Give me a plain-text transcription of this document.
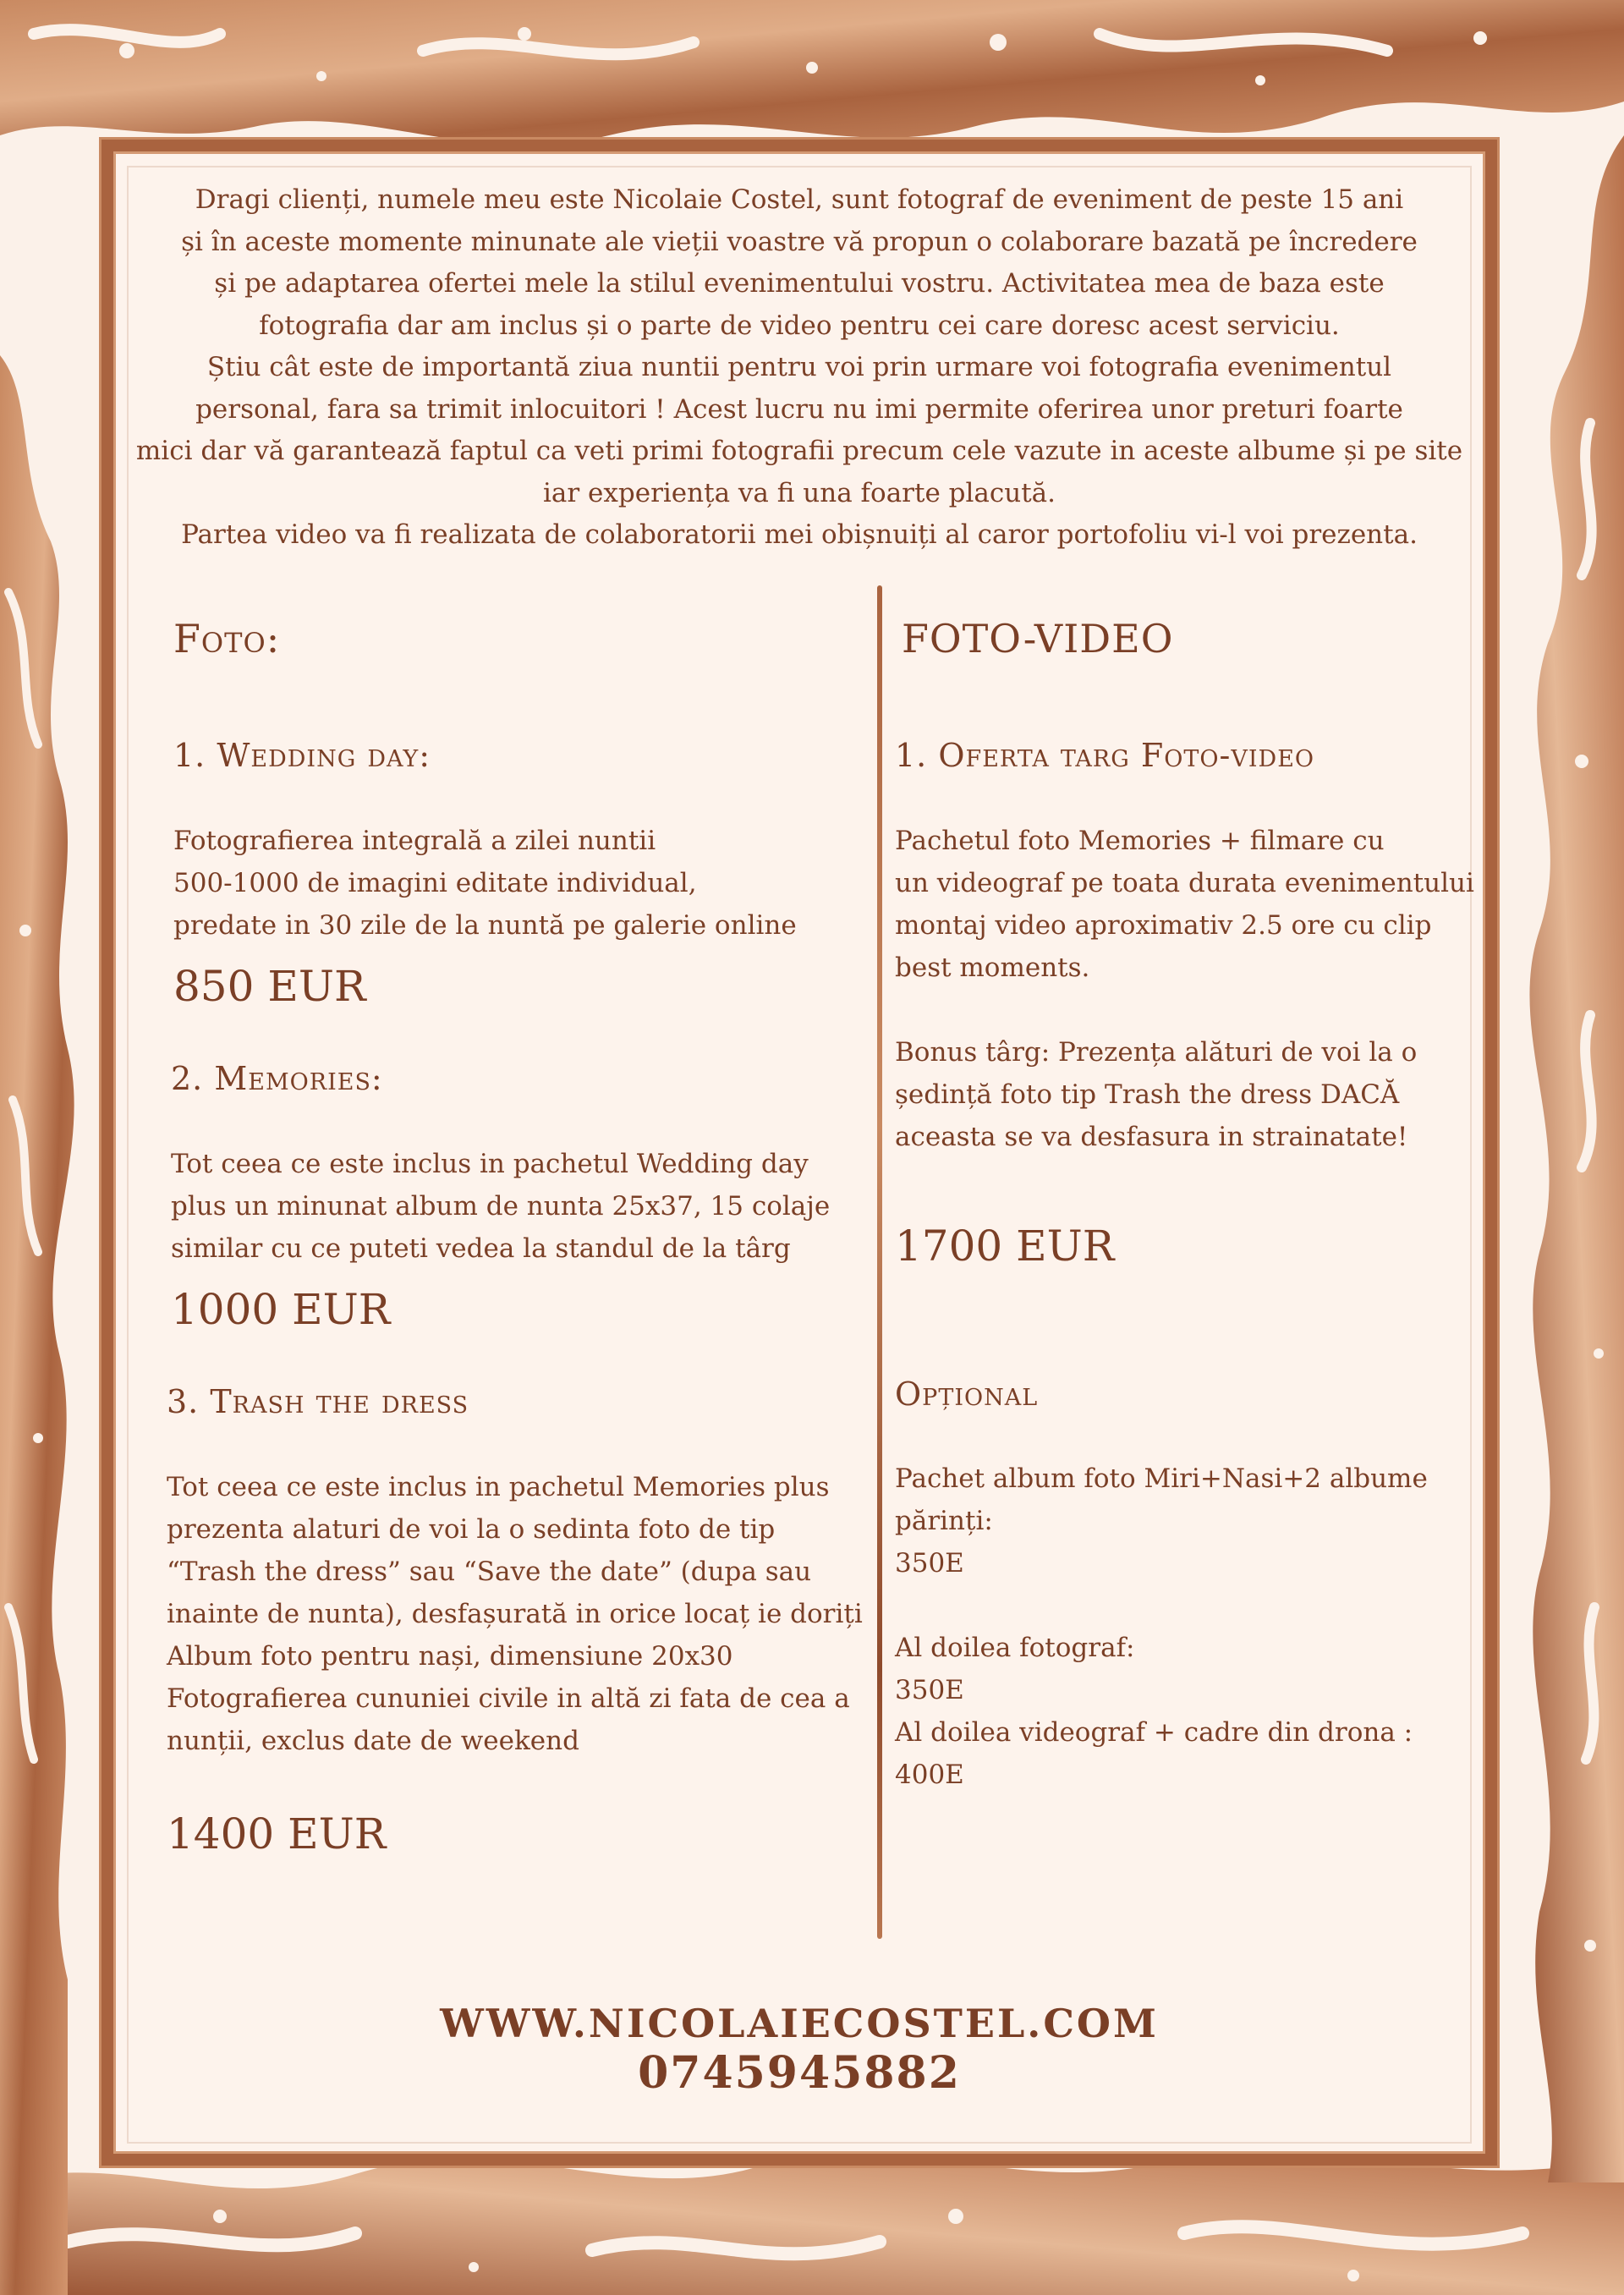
Dragi clienți, numele meu este Nicolaie Costel, sunt fotograf de eveniment de peste 15 ani

și în aceste momente minunate ale vieții voastre vă propun o colaborare bazată pe încredere

și pe adaptarea ofertei mele la stilul evenimentului vostru. Activitatea mea de baza este

fotografia dar am inclus și o parte de video pentru cei care doresc acest serviciu.

Știu cât este de importantă ziua nuntii pentru voi prin urmare voi fotografia evenimentul

personal, fara sa trimit inlocuitori ! Acest lucru nu imi permite oferirea unor preturi foarte

mici dar vă garantează faptul ca veti primi fotografii precum cele vazute in aceste albume și pe site

iar experiența va fi una foarte placută.

Partea video va fi realizata de colaboratorii mei obișnuiți al caror portofoliu vi-l voi prezenta.

Foto:
1. Wedding day:
Fotografierea integrală a zilei nuntii
500-1000 de imagini editate individual,
predate in 30 zile de la nuntă pe galerie online
850 EUR
2. Memories:
Tot ceea ce este inclus in pachetul Wedding day
plus un minunat album de nunta 25x37, 15 colaje
similar cu ce puteti vedea la standul de la târg
1000 EUR
3. Trash the dress
Tot ceea ce este inclus in pachetul Memories plus
prezenta alaturi de voi la o sedinta foto de tip
“Trash the dress” sau “Save the date” (dupa sau
inainte de nunta), desfașurată in orice locaț ie doriți
Album foto pentru nași, dimensiune 20x30
Fotografierea cununiei civile in altă zi fata de cea a
nunții, exclus date de weekend
1400 EUR
FOTO-VIDEO
1. Oferta targ Foto-video
Pachetul foto Memories + filmare cu
un videograf pe toata durata evenimentului
montaj video aproximativ 2.5 ore cu clip
best moments.
Bonus târg: Prezența alături de voi la o
ședință foto tip Trash the dress DACĂ
aceasta se va desfasura in strainatate!
1700 EUR
Opțional
Pachet album foto Miri+Nasi+2 albume
părinți:
350E
Al doilea fotograf:
350E
Al doilea videograf + cadre din drona :
400E
WWW.NICOLAIECOSTEL.COM
0745945882
